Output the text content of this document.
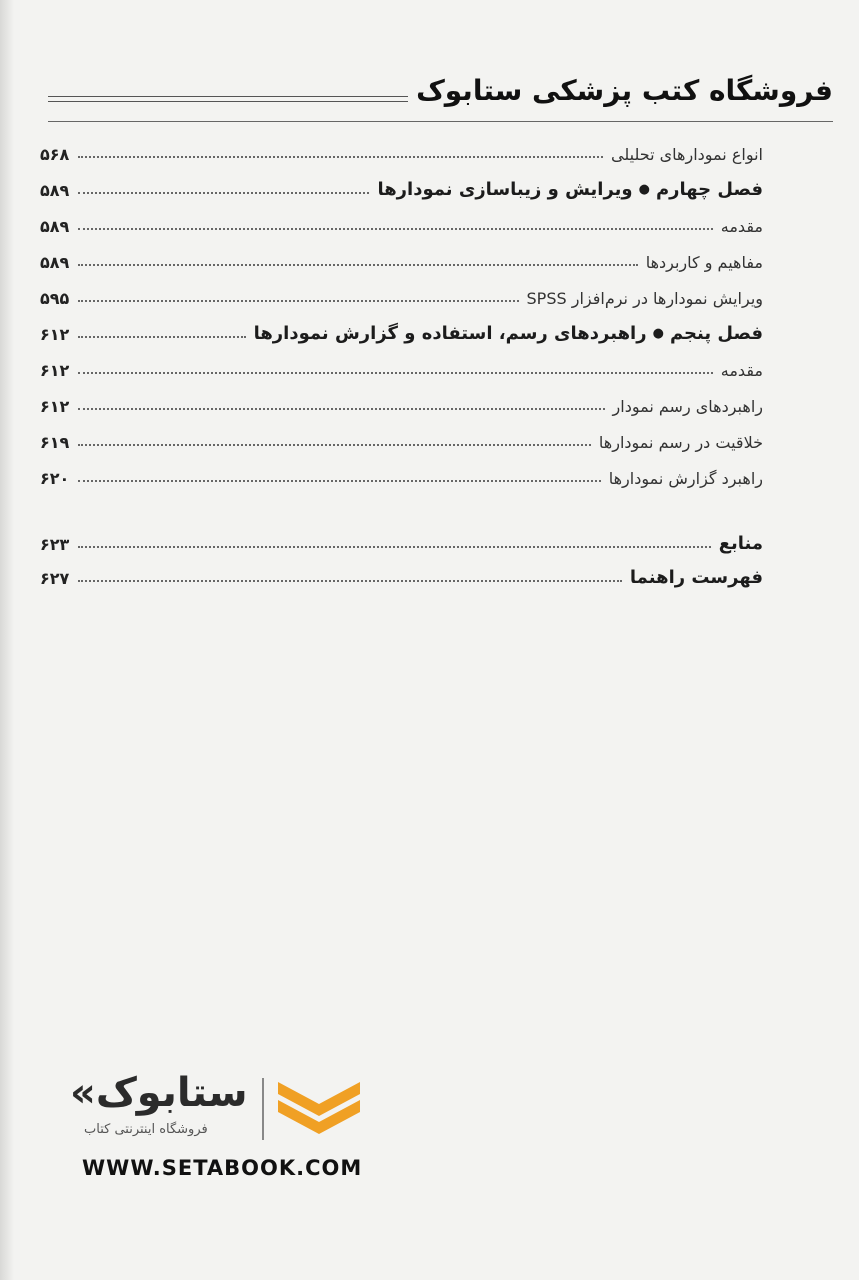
فروشگاه کتب پزشکی ستابوک
انواع نمودارهای تحلیلی
۵۶۸
فصل چهارم●ویرایش و زیباسازی نمودارها
۵۸۹
مقدمه
۵۸۹
مفاهیم و کاربردها
۵۸۹
ویرایش نمودارها در نرم‌افزار SPSS
۵۹۵
فصل پنجم●راهبردهای رسم، استفاده و گزارش نمودارها
۶۱۲
مقدمه
۶۱۲
راهبردهای رسم نمودار
۶۱۲
خلاقیت در رسم نمودارها
۶۱۹
راهبرد گزارش نمودارها
۶۲۰
منابع
۶۲۳
فهرست راهنما
۶۲۷
«ستابوک
فروشگاه اینترنتی کتاب
WWW.SETABOOK.COM
